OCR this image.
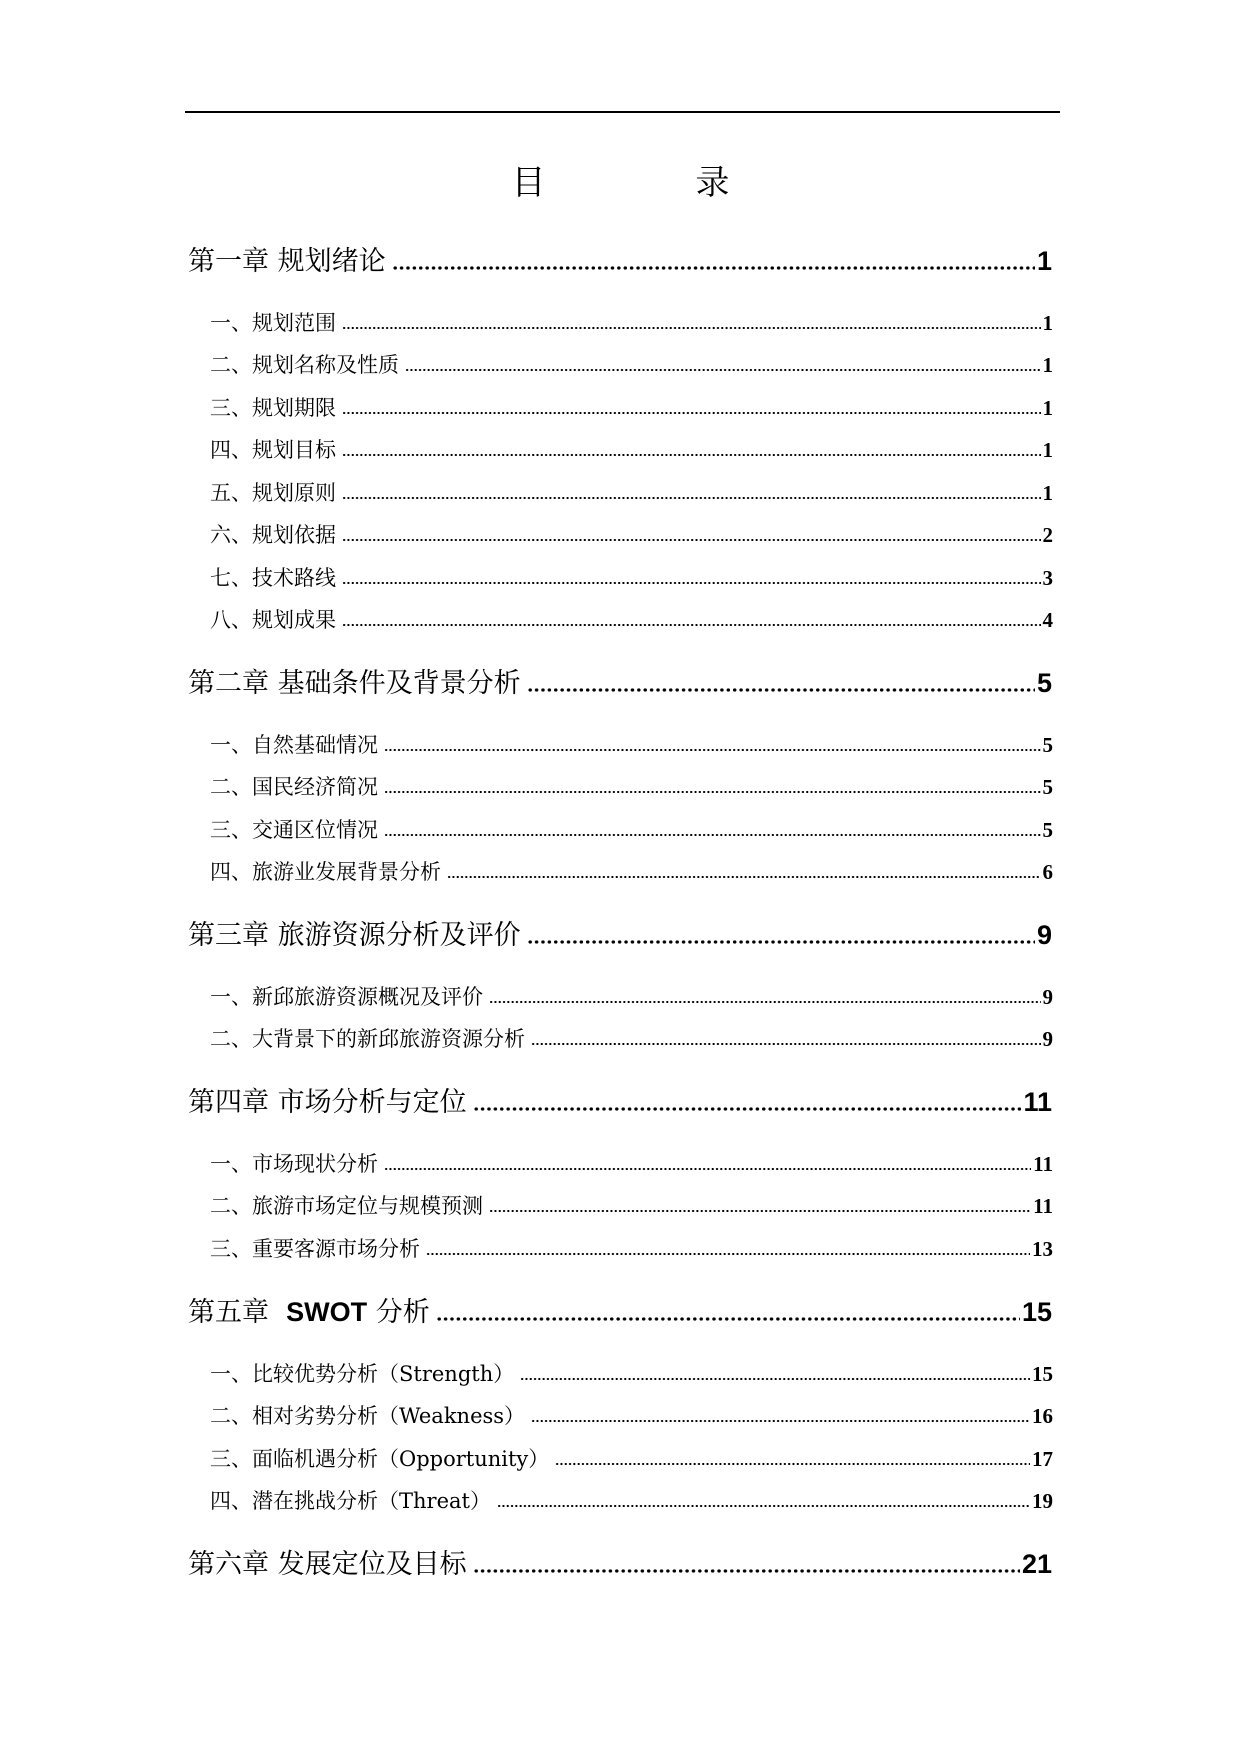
目　录
第一章 规划绪论	1
一、规划范围	1
二、规划名称及性质	1
三、规划期限	1
四、规划目标	1
五、规划原则	1
六、规划依据	2
七、技术路线	3
八、规划成果	4
第二章 基础条件及背景分析	5
一、自然基础情况	5
二、国民经济简况	5
三、交通区位情况	5
四、旅游业发展背景分析	6
第三章 旅游资源分析及评价	9
一、新邱旅游资源概况及评价	9
二、大背景下的新邱旅游资源分析	9
第四章 市场分析与定位	11
一、市场现状分析	11
二、旅游市场定位与规模预测	11
三、重要客源市场分析	13
第五章  SWOT 分析	15
一、比较优势分析（Strength）	15
二、相对劣势分析（Weakness）	16
三、面临机遇分析（Opportunity）	17
四、潜在挑战分析（Threat）	19
第六章 发展定位及目标	21
